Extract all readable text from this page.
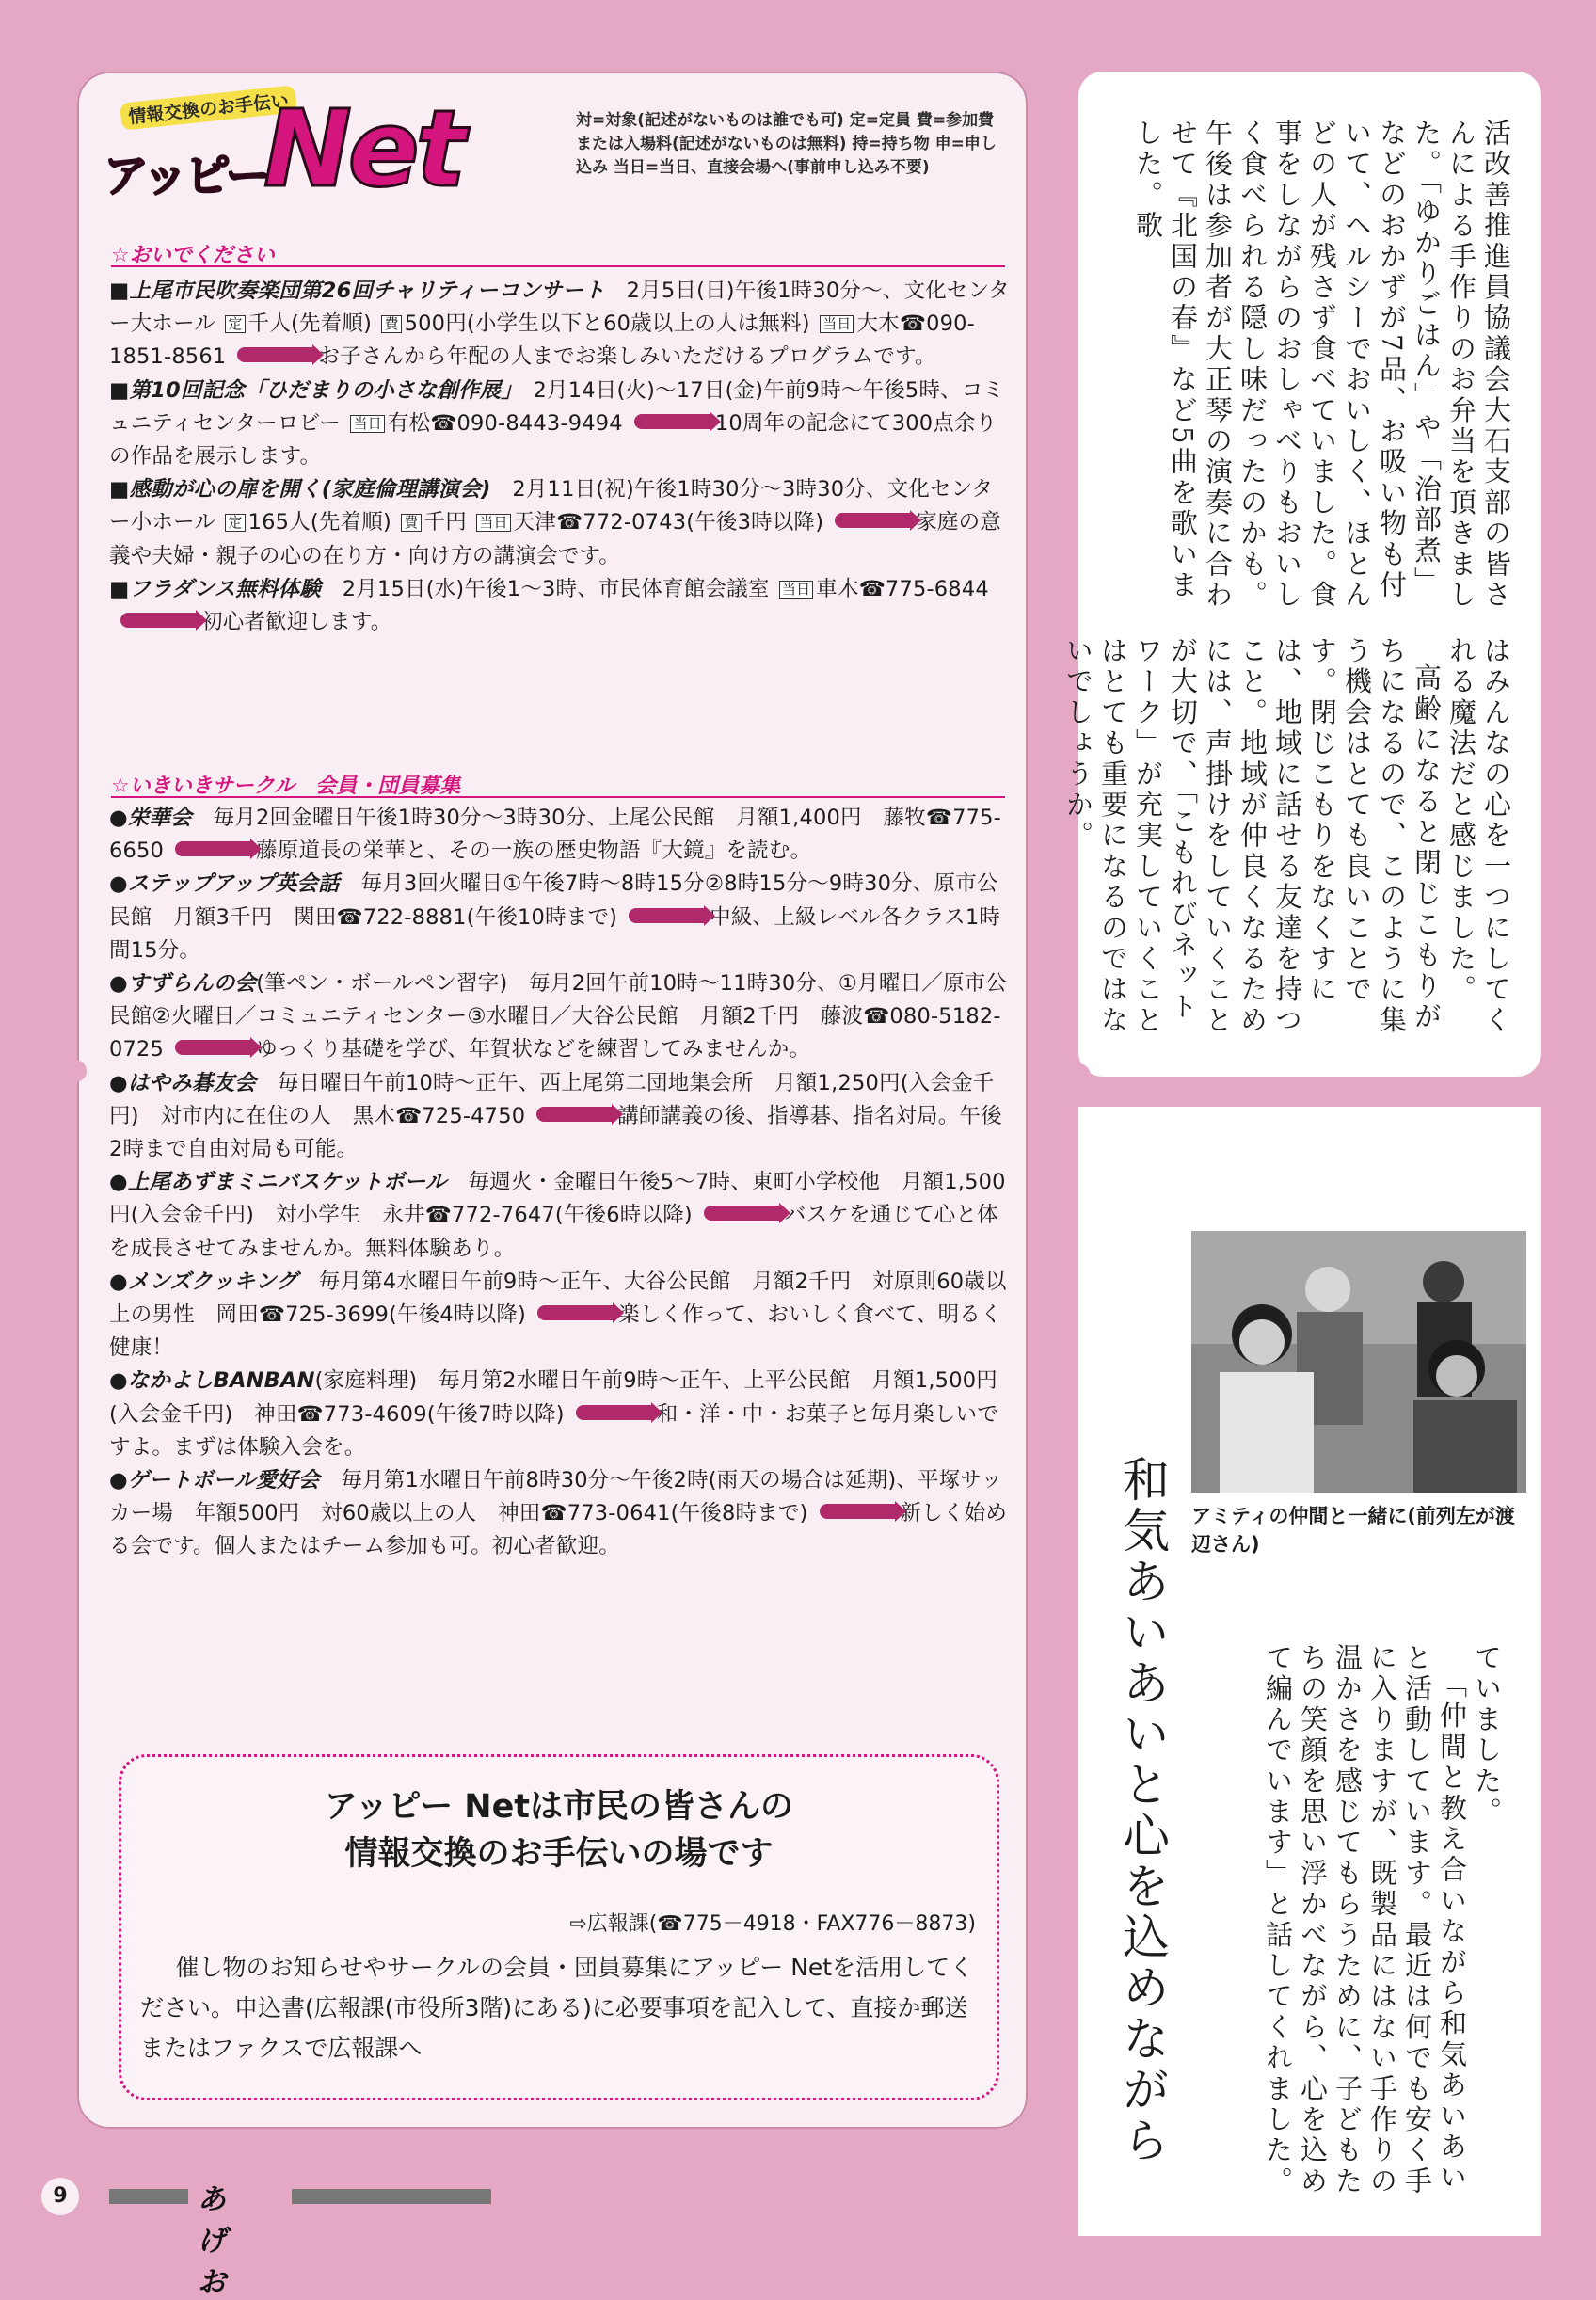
情報交換のお手伝い
アッピー
Net	対=対象(記述がないものは誰でも可) 定=定員 費=参加費または入場料(記述がないものは無料) 持=持ち物 申=申し込み 当日=当日、直接会場へ(事前申し込み不要)
☆おいでください

■上尾市民吹奏楽団第26回チャリティーコンサート　 2月5日(日)午後1時30分～、文化センター大ホール 定 千人(先着順) 費 500円(小学生以下と60歳以上の人は無料) 当日 大木☎090-1851-8561	お子さんから年配の人までお楽しみいただけるプログラムです。

■第10回記念「ひだまりの小さな創作展」　 2月14日(火)～17日(金)午前9時～午後5時、コミュニティセンターロビー 当日 有松☎090-8443-9494	10周年の記念にて300点余りの作品を展示します。

■感動が心の扉を開く(家庭倫理講演会)　 2月11日(祝)午後1時30分～3時30分、文化センター小ホール 定 165人(先着順) 費 千円 当日 天津☎772-0743(午後3時以降)	家庭の意義や夫婦・親子の心の在り方・向け方の講演会です。

■フラダンス無料体験　 2月15日(水)午後1～3時、市民体育館会議室 当日 車木☎775-6844初心者歓迎します。

☆いきいきサークル　会員・団員募集

●栄華会　 毎月2回金曜日午後1時30分～3時30分、上尾公民館　月額1,400円　藤牧☎775-6650	藤原道長の栄華と、その一族の歴史物語『大鏡』を読む。

●ステップアップ英会話　 毎月3回火曜日①午後7時～8時15分②8時15分～9時30分、原市公民館　月額3千円　関田☎722-8881(午後10時まで)	中級、上級レベル各クラス1時間15分。

●すずらんの会(筆ペン・ボールペン習字)　毎月2回午前10時～11時30分、①月曜日／原市公民館②火曜日／コミュニティセンター③水曜日／大谷公民館　月額2千円　藤波☎080-5182-0725	ゆっくり基礎を学び、年賀状などを練習してみませんか。

●はやみ碁友会　 毎日曜日午前10時～正午、西上尾第二団地集会所　月額1,250円(入会金千円)　対市内に在住の人　黒木☎725-4750	講師講義の後、指導碁、指名対局。午後2時まで自由対局も可能。

●上尾あずまミニバスケットボール　 毎週火・金曜日午後5～7時、東町小学校他　月額1,500円(入会金千円)　対小学生　永井☎772-7647(午後6時以降)	バスケを通じて心と体を成長させてみませんか。無料体験あり。

●メンズクッキング　 毎月第4水曜日午前9時～正午、大谷公民館　月額2千円　対原則60歳以上の男性　岡田☎725-3699(午後4時以降)	楽しく作って、おいしく食べて、明るく健康！

●なかよしBANBAN(家庭料理)　毎月第2水曜日午前9時～正午、上平公民館　月額1,500円(入会金千円)　神田☎773-4609(午後7時以降)	和・洋・中・お菓子と毎月楽しいですよ。まずは体験入会を。

●ゲートボール愛好会　 毎月第1水曜日午前8時30分～午後2時(雨天の場合は延期)、平塚サッカー場　年額500円　対60歳以上の人　神田☎773-0641(午後8時まで)	新しく始める会です。個人またはチーム参加も可。初心者歓迎。

アッピー Netは市民の皆さんの
情報交換のお手伝いの場です
⇨広報課(☎775－4918・FAX776－8873)
催し物のお知らせやサークルの会員・団員募集にアッピー Netを活用してください。申込書(広報課(市役所3階)にある)に必要事項を記入して、直接か郵送またはファクスで広報課へ
9	あげお

活改善推進員協議会大石支部の皆さんによる手作りのお弁当を頂きました。「ゆかりごはん」や「治部煮」などのおかずが7品、お吸い物も付いて、ヘルシーでおいしく、ほとんどの人が残さず食べていました。食事をしながらのおしゃべりもおいしく食べられる隠し味だったのかも。午後は参加者が大正琴の演奏に合わせて『北国の春』など5曲を歌いました。歌

はみんなの心を一つにしてくれる魔法だと感じました。

高齢になると閉じこもりがちになるので、このように集う機会はとても良いことです。閉じこもりをなくすには、地域に話せる友達を持つこと。地域が仲良くなるためには、声掛けをしていくことが大切で、「こもれびネットワーク」が充実していくことはとても重要になるのではないでしょうか。

アミティの仲間と一緒に(前列左が渡辺さん)
和気あいあいと心を込めながら	ていました。

「仲間と教え合いながら和気あいあいと活動しています。最近は何でも安く手に入りますが、既製品にはない手作りの温かさを感じてもらうために、子どもたちの笑顔を思い浮かべながら、心を込めて編んでいます」と話してくれました。
